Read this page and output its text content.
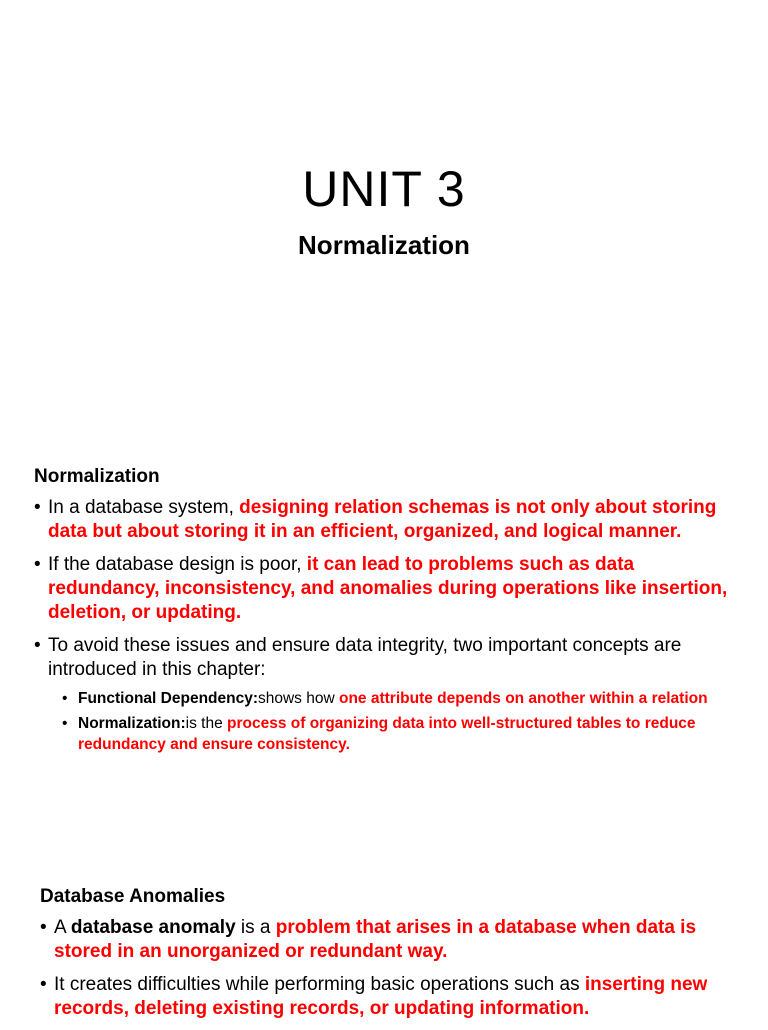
UNIT 3
Normalization
Normalization
• In a database system, designing relation schemas is not only about storing data but about storing it in an efficient, organized, and logical manner.
• If the database design is poor, it can lead to problems such as data redundancy, inconsistency, and anomalies during operations like insertion, deletion, or updating.
• To avoid these issues and ensure data integrity, two important concepts are introduced in this chapter:
• Functional Dependency:shows how one attribute depends on another within a relation
• Normalization:is the process of organizing data into well-structured tables to reduce redundancy and ensure consistency.
Database Anomalies
• A database anomaly is a problem that arises in a database when data is stored in an unorganized or redundant way.
• It creates difficulties while performing basic operations such as inserting new records, deleting existing records, or updating information.
